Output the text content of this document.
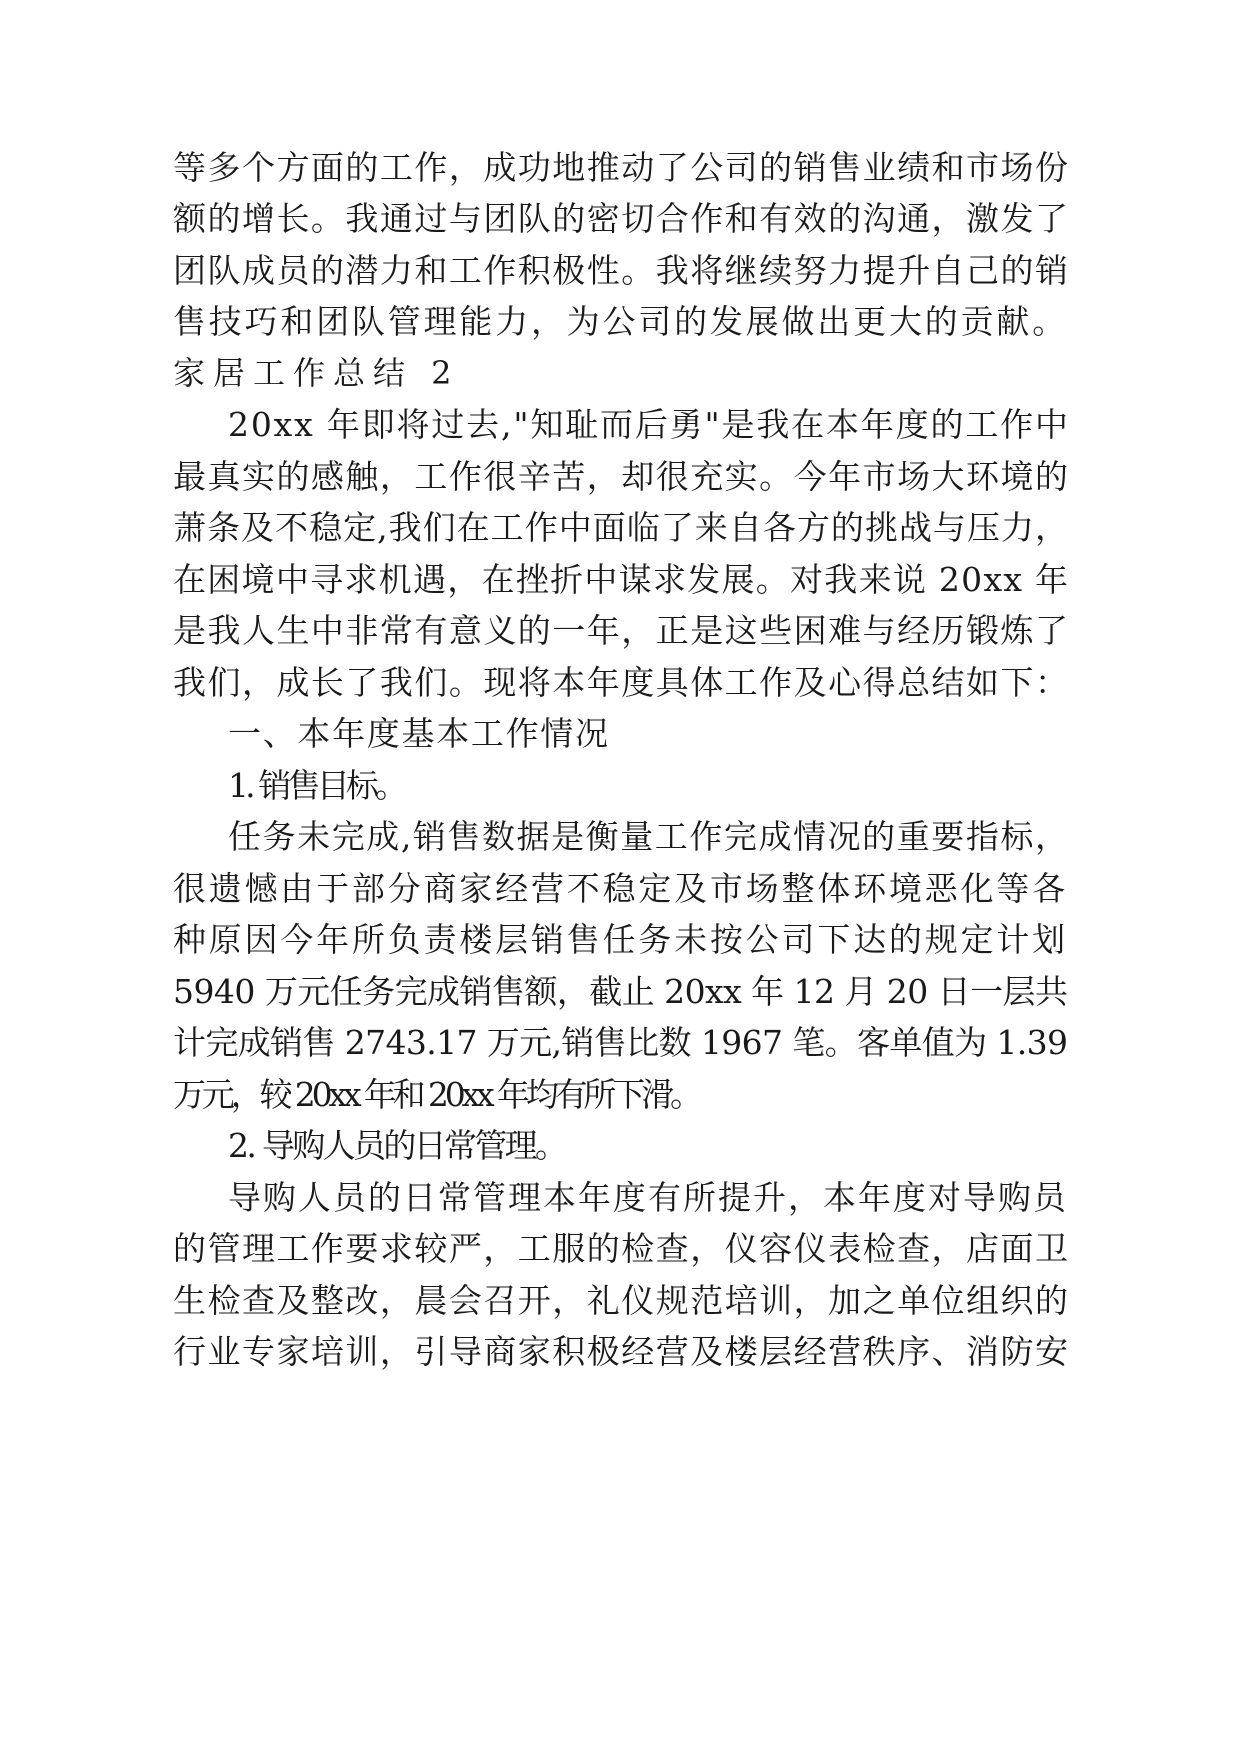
等多个方面的工作，成功地推动了公司的销售业绩和市场份
额的增长。我通过与团队的密切合作和有效的沟通，激发了
团队成员的潜力和工作积极性。我将继续努力提升自己的销
售技巧和团队管理能力，为公司的发展做出更大的贡献。
家居工作总结 2
20xx 年即将过去,"知耻而后勇"是我在本年度的工作中
最真实的感触，工作很辛苦，却很充实。今年市场大环境的
萧条及不稳定,我们在工作中面临了来自各方的挑战与压力，
在困境中寻求机遇，在挫折中谋求发展。对我来说 20xx 年
是我人生中非常有意义的一年，正是这些困难与经历锻炼了
我们，成长了我们。现将本年度具体工作及心得总结如下：
一、本年度基本工作情况
1. 销售目标。
任务未完成,销售数据是衡量工作完成情况的重要指标，
很遗憾由于部分商家经营不稳定及市场整体环境恶化等各
种原因今年所负责楼层销售任务未按公司下达的规定计划
5940 万元任务完成销售额，截止 20xx 年 12 月 20 日一层共
计完成销售 2743.17 万元,销售比数 1967 笔。客单值为 1.39
万元，较 20xx 年和 20xx 年均有所下滑。
2. 导购人员的日常管理。
导购人员的日常管理本年度有所提升，本年度对导购员
的管理工作要求较严，工服的检查，仪容仪表检查，店面卫
生检查及整改，晨会召开，礼仪规范培训，加之单位组织的
行业专家培训，引导商家积极经营及楼层经营秩序、消防安
